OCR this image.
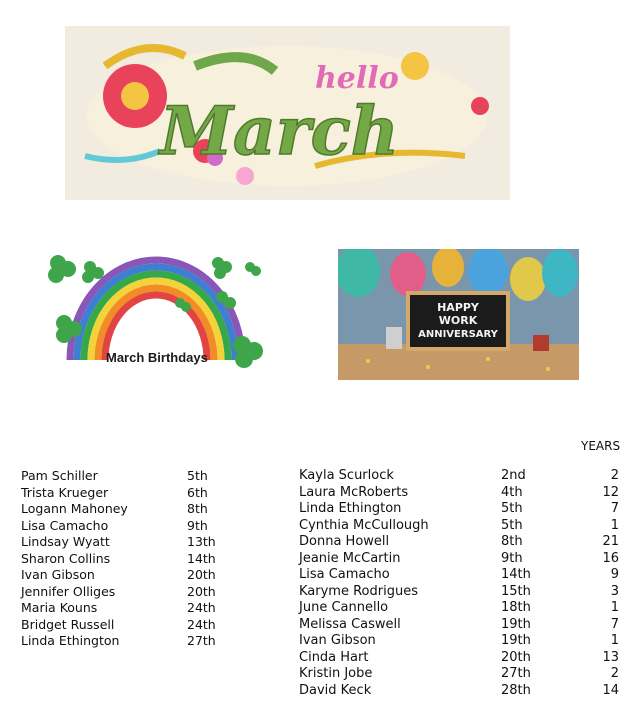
hello
March
March Birthdays
HAPPY
WORK
ANNIVERSARY
YEARS
Pam Schiller	5th
Trista Krueger	6th
Logann Mahoney	8th
Lisa Camacho	9th
Lindsay Wyatt	13th
Sharon Collins	14th
Ivan Gibson	20th
Jennifer Olliges	20th
Maria Kouns	24th
Bridget Russell	24th
Linda Ethington	27th
Kayla Scurlock	2nd	2
Laura McRoberts	4th	12
Linda Ethington	5th	7
Cynthia McCullough	5th	1
Donna Howell	8th	21
Jeanie McCartin	9th	16
Lisa Camacho	14th	9
Karyme Rodrigues	15th	3
June Cannello	18th	1
Melissa Caswell	19th	7
Ivan Gibson	19th	1
Cinda Hart	20th	13
Kristin Jobe	27th	2
David Keck	28th	14
